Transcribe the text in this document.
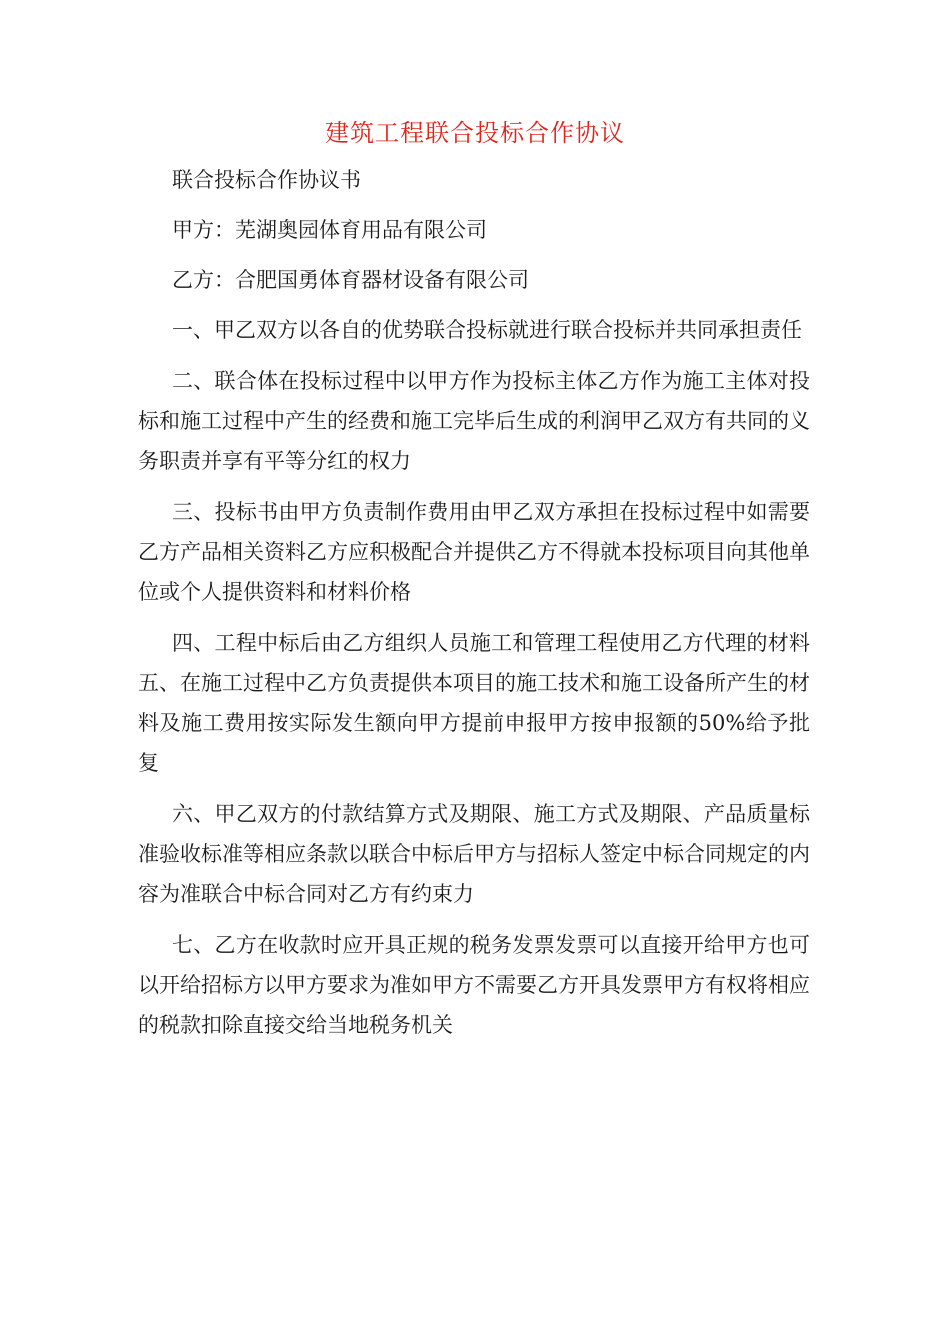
建筑工程联合投标合作协议

联合投标合作协议书

甲方：芜湖奥园体育用品有限公司

乙方：合肥国勇体育器材设备有限公司

一、甲乙双方以各自的优势联合投标就进行联合投标并共同承担责任

二、联合体在投标过程中以甲方作为投标主体乙方作为施工主体对投标和施工过程中产生的经费和施工完毕后生成的利润甲乙双方有共同的义务职责并享有平等分红的权力

三、投标书由甲方负责制作费用由甲乙双方承担在投标过程中如需要乙方产品相关资料乙方应积极配合并提供乙方不得就本投标项目向其他单位或个人提供资料和材料价格

四、工程中标后由乙方组织人员施工和管理工程使用乙方代理的材料五、在施工过程中乙方负责提供本项目的施工技术和施工设备所产生的材料及施工费用按实际发生额向甲方提前申报甲方按申报额的50%给予批复

六、甲乙双方的付款结算方式及期限、施工方式及期限、产品质量标准验收标准等相应条款以联合中标后甲方与招标人签定中标合同规定的内容为准联合中标合同对乙方有约束力

七、乙方在收款时应开具正规的税务发票发票可以直接开给甲方也可以开给招标方以甲方要求为准如甲方不需要乙方开具发票甲方有权将相应的税款扣除直接交给当地税务机关
